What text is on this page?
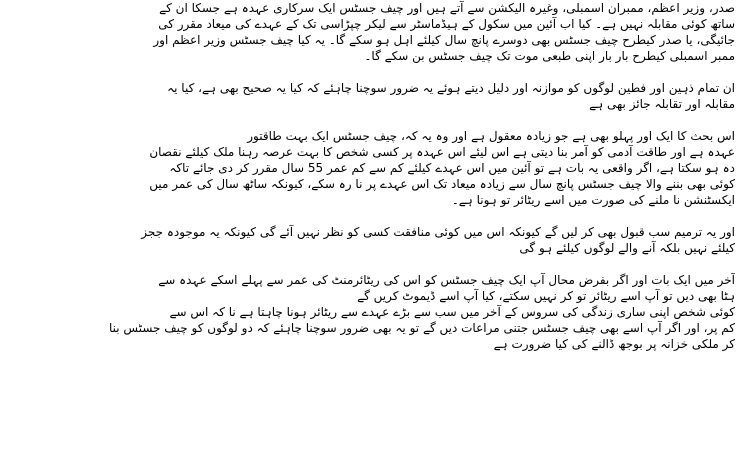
صدر، وزیر اعظم، ممبران اسمبلی، وغیرہ الیکشن سے آتے ہیں اور چیف جسٹس ایک سرکاری عہدہ ہے جسکا ان کے
ساتھ کوئی مقابلہ نہیں ہے۔ کیا اب آئین میں سکول کے ہیڈماسٹر سے لیکر چپڑاسی تک کے عہدے کی میعاد مقرر کی
جائیگی، یا صدر کیطرح چیف جسٹس بھی دوسرے پانچ سال کیلئے اہل ہو سکے گا۔ یہ کیا چیف جسٹس وزیر اعظم اور
ممبر اسمبلی کیطرح بار بار اپنی طبعی موت تک چیف جسٹس بن سکے گا۔
ان تمام ذہین اور فطین لوگوں کو موازنہ اور دلیل دیتے ہوئے یہ ضرور سوچنا چاہئے کہ کیا یہ صحیح بھی ہے، کیا یہ
مقابلہ اور تقابلہ جائز بھی ہے
اس بحث کا ایک اور پہلو بھی ہے جو زیادہ معقول ہے اور وہ یہ کہ، چیف جسٹس ایک بہت طاقتور
عہدہ ہے اور طاقت آدمی کو آمر بنا دیتی ہے اس لیئے اس عہدہ پر کسی شخص کا بہت عرصہ رہنا ملک کیلئے نقصان
دہ ہو سکتا ہے، اگر واقعی یہ بات ہے تو آئین میں اس عہدے کیلئے کم سے کم عمر 55 سال مقرر کر دی جائے تاکہ
کوئی بھی بننے والا چیف جسٹس پانچ سال سے زیادہ میعاد تک اس عہدے پر نا رہ سکے، کیونکہ ساٹھ سال کی عمر میں
ایکسٹنشن نا ملنے کی صورت میں اسے ریٹائر تو ہونا ہے۔
اور یہ ترمیم سب قبول بھی کر لیں گے کیونکہ اس میں کوئی منافقت کسی کو نظر نہیں آئے گی کیونکہ یہ موجودہ ججز
کیلئے نہیں بلکہ آنے والے لوگوں کیلئے ہو گی
آخر میں ایک بات اور اگر بفرض محال آپ ایک چیف جسٹس کو اس کی ریٹائرمنٹ کی عمر سے پہلے اسکے عہدہ سے
ہٹا بھی دیں تو آپ اسے ریٹائر تو کر نہیں سکتے، کیا آپ اسے ڈیموٹ کریں گے
کوئی شخص اپنی ساری زندگی کی سروس کے آخر میں سب سے بڑے عہدے سے ریٹائر ہونا چاہتا ہے نا کہ اس سے
کم پر، اور اگر آپ اسے بھی چیف جسٹس جتنی مراعات دیں گے تو یہ بھی ضرور سوچنا چاہئے کہ دو لوگوں کو چیف جسٹس بنا
کر ملکی خزانہ پر بوجھ ڈالنے کی کیا ضرورت ہے
